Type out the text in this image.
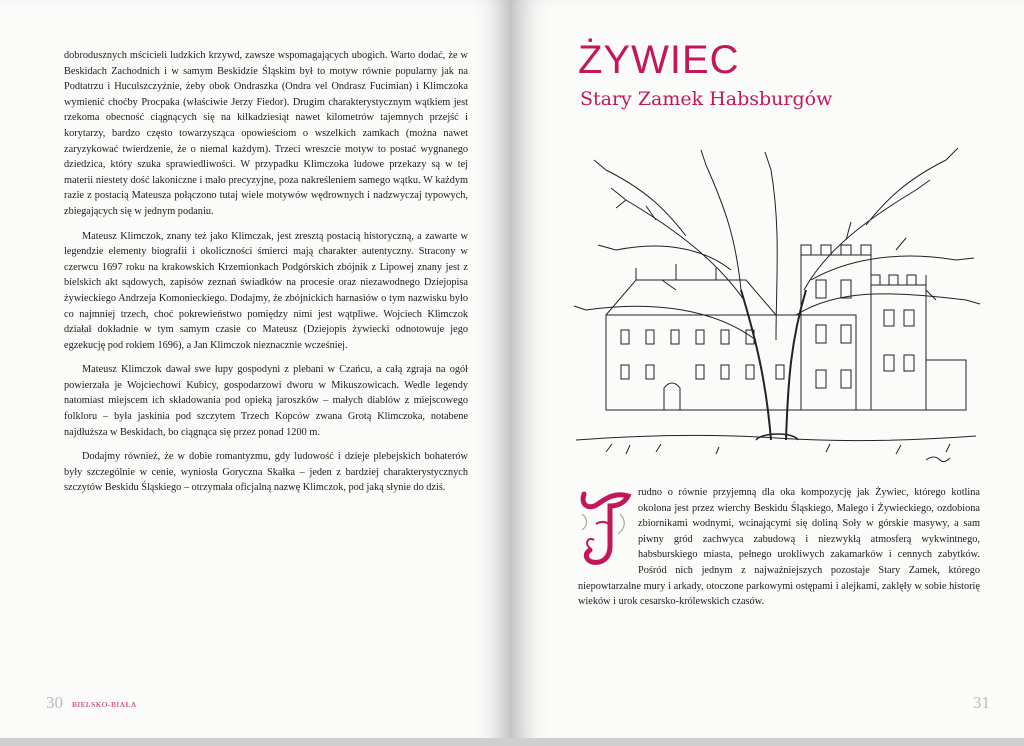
dobrodusznych mścicieli ludzkich krzywd, zawsze wspomagających ubogich. Warto dodać, że w Beskidach Zachodnich i w samym Beskidzie Śląskim był to motyw równie popularny jak na Podtatrzu i Huculszczyźnie, żeby obok Ondraszka (Ondra vel Ondrasz Fucimian) i Klimczoka wymienić choćby Procpaka (właściwie Jerzy Fiedor). Drugim charakterystycznym wątkiem jest rzekoma obecność ciągnących się na kilkadziesiąt nawet kilometrów tajemnych przejść i korytarzy, bardzo często towarzysząca opowieściom o wszelkich zamkach (można nawet zaryzykować twierdzenie, że o niemal każdym). Trzeci wreszcie motyw to postać wygnanego dziedzica, który szuka sprawiedliwości. W przypadku Klimczoka ludowe przekazy są w tej materii niestety dość lakoniczne i mało precyzyjne, poza nakreśleniem samego wątku. W każdym razie z postacią Mateusza połączono tutaj wiele motywów wędrownych i nadzwyczaj typowych, zbiegających się w jednym podaniu.

Mateusz Klimczok, znany też jako Klimczak, jest zresztą postacią historyczną, a zawarte w legendzie elementy biografii i okoliczności śmierci mają charakter autentyczny. Stracony w czerwcu 1697 roku na krakowskich Krzemionkach Podgórskich zbójnik z Lipowej znany jest z bielskich akt sądowych, zapisów zeznań świadków na procesie oraz niezawodnego Dziejopisa żywieckiego Andrzeja Komonieckiego. Dodajmy, że zbójnickich harnasiów o tym nazwisku było co najmniej trzech, choć pokrewieństwo pomiędzy nimi jest wątpliwe. Wojciech Klimczok działał dokładnie w tym samym czasie co Mateusz (Dziejopis żywiecki odnotowuje jego egzekucję pod rokiem 1696), a Jan Klimczok nieznacznie wcześniej.

Mateusz Klimczok dawał swe łupy gospodyni z plebani w Czańcu, a całą zgraja na ogół powierzała je Wojciechowi Kubicy, gospodarzowi dworu w Mikuszowicach. Wedle legendy natomiast miejscem ich składowania pod opieką jaroszków – małych diablów z miejscowego folkloru – była jaskinia pod szczytem Trzech Kopców zwana Grotą Klimczoka, notabene najdłuższa w Beskidach, bo ciągnąca się przez ponad 1200 m.

Dodajmy również, że w dobie romantyzmu, gdy ludowość i dzieje plebejskich bohaterów były szczególnie w cenie, wyniosła Goryczna Skałka – jeden z bardziej charakterystycznych szczytów Beskidu Śląskiego – otrzymała oficjalną nazwę Klimczok, pod jaką słynie do dziś.

30 BIELSKO-BIAŁA
ŻYWIEC
Stary Zamek Habsburgów
rudno o równie przyjemną dla oka kompozycję jak Żywiec, którego kotlina okolona jest przez wierchy Beskidu Śląskiego, Małego i Żywieckiego, ozdobiona zbiornikami wodnymi, wcinającymi się doliną Soły w górskie masywy, a sam piwny gród zachwyca zabudową i niezwykłą atmosferą wykwintnego, habsburskiego miasta, pełnego urokliwych zakamarków i cennych zabytków. Pośród nich jednym z najważniejszych pozostaje Stary Zamek, którego niepowtarzalne mury i arkady, otoczone parkowymi ostępami i alejkami, zaklęły w sobie historię wieków i urok cesarsko-królewskich czasów.
31
